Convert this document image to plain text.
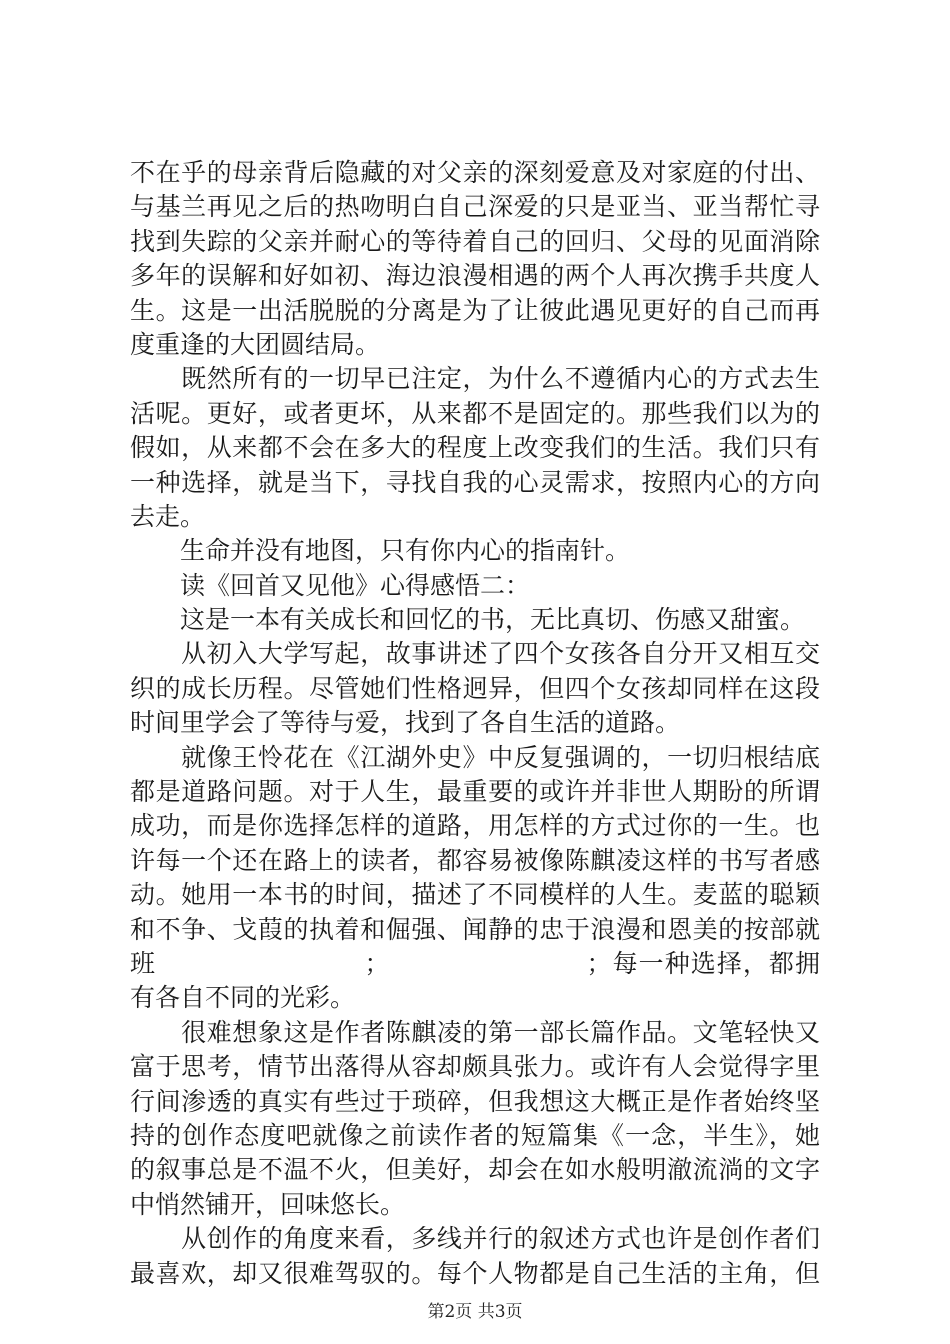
不在乎的母亲背后隐藏的对父亲的深刻爱意及对家庭的付出、
与基兰再见之后的热吻明白自己深爱的只是亚当、亚当帮忙寻
找到失踪的父亲并耐心的等待着自己的回归、父母的见面消除
多年的误解和好如初、海边浪漫相遇的两个人再次携手共度人
生。这是一出活脱脱的分离是为了让彼此遇见更好的自己而再
度重逢的大团圆结局。
　　既然所有的一切早已注定，为什么不遵循内心的方式去生
活呢。更好，或者更坏，从来都不是固定的。那些我们以为的
假如，从来都不会在多大的程度上改变我们的生活。我们只有
一种选择，就是当下，寻找自我的心灵需求，按照内心的方向
去走。
　　生命并没有地图，只有你内心的指南针。
　　读《回首又见他》心得感悟二：
　　这是一本有关成长和回忆的书，无比真切、伤感又甜蜜。
　　从初入大学写起，故事讲述了四个女孩各自分开又相互交
织的成长历程。尽管她们性格迥异，但四个女孩却同样在这段
时间里学会了等待与爱，找到了各自生活的道路。
　　就像王怜花在《江湖外史》中反复强调的，一切归根结底
都是道路问题。对于人生，最重要的或许并非世人期盼的所谓
成功，而是你选择怎样的道路，用怎样的方式过你的一生。也
许每一个还在路上的读者，都容易被像陈麒凌这样的书写者感
动。她用一本书的时间，描述了不同模样的人生。麦蓝的聪颖
和不争、戈葭的执着和倔强、闻静的忠于浪漫和恩美的按部就
班　　　　　　　　；　　　　　　　　；每一种选择，都拥
有各自不同的光彩。
　　很难想象这是作者陈麒凌的第一部长篇作品。文笔轻快又
富于思考，情节出落得从容却颇具张力。或许有人会觉得字里
行间渗透的真实有些过于琐碎，但我想这大概正是作者始终坚
持的创作态度吧就像之前读作者的短篇集《一念，半生》，她
的叙事总是不温不火，但美好，却会在如水般明澈流淌的文字
中悄然铺开，回味悠长。
　　从创作的角度来看，多线并行的叙述方式也许是创作者们
最喜欢，却又很难驾驭的。每个人物都是自己生活的主角，但
第2页 共3页
